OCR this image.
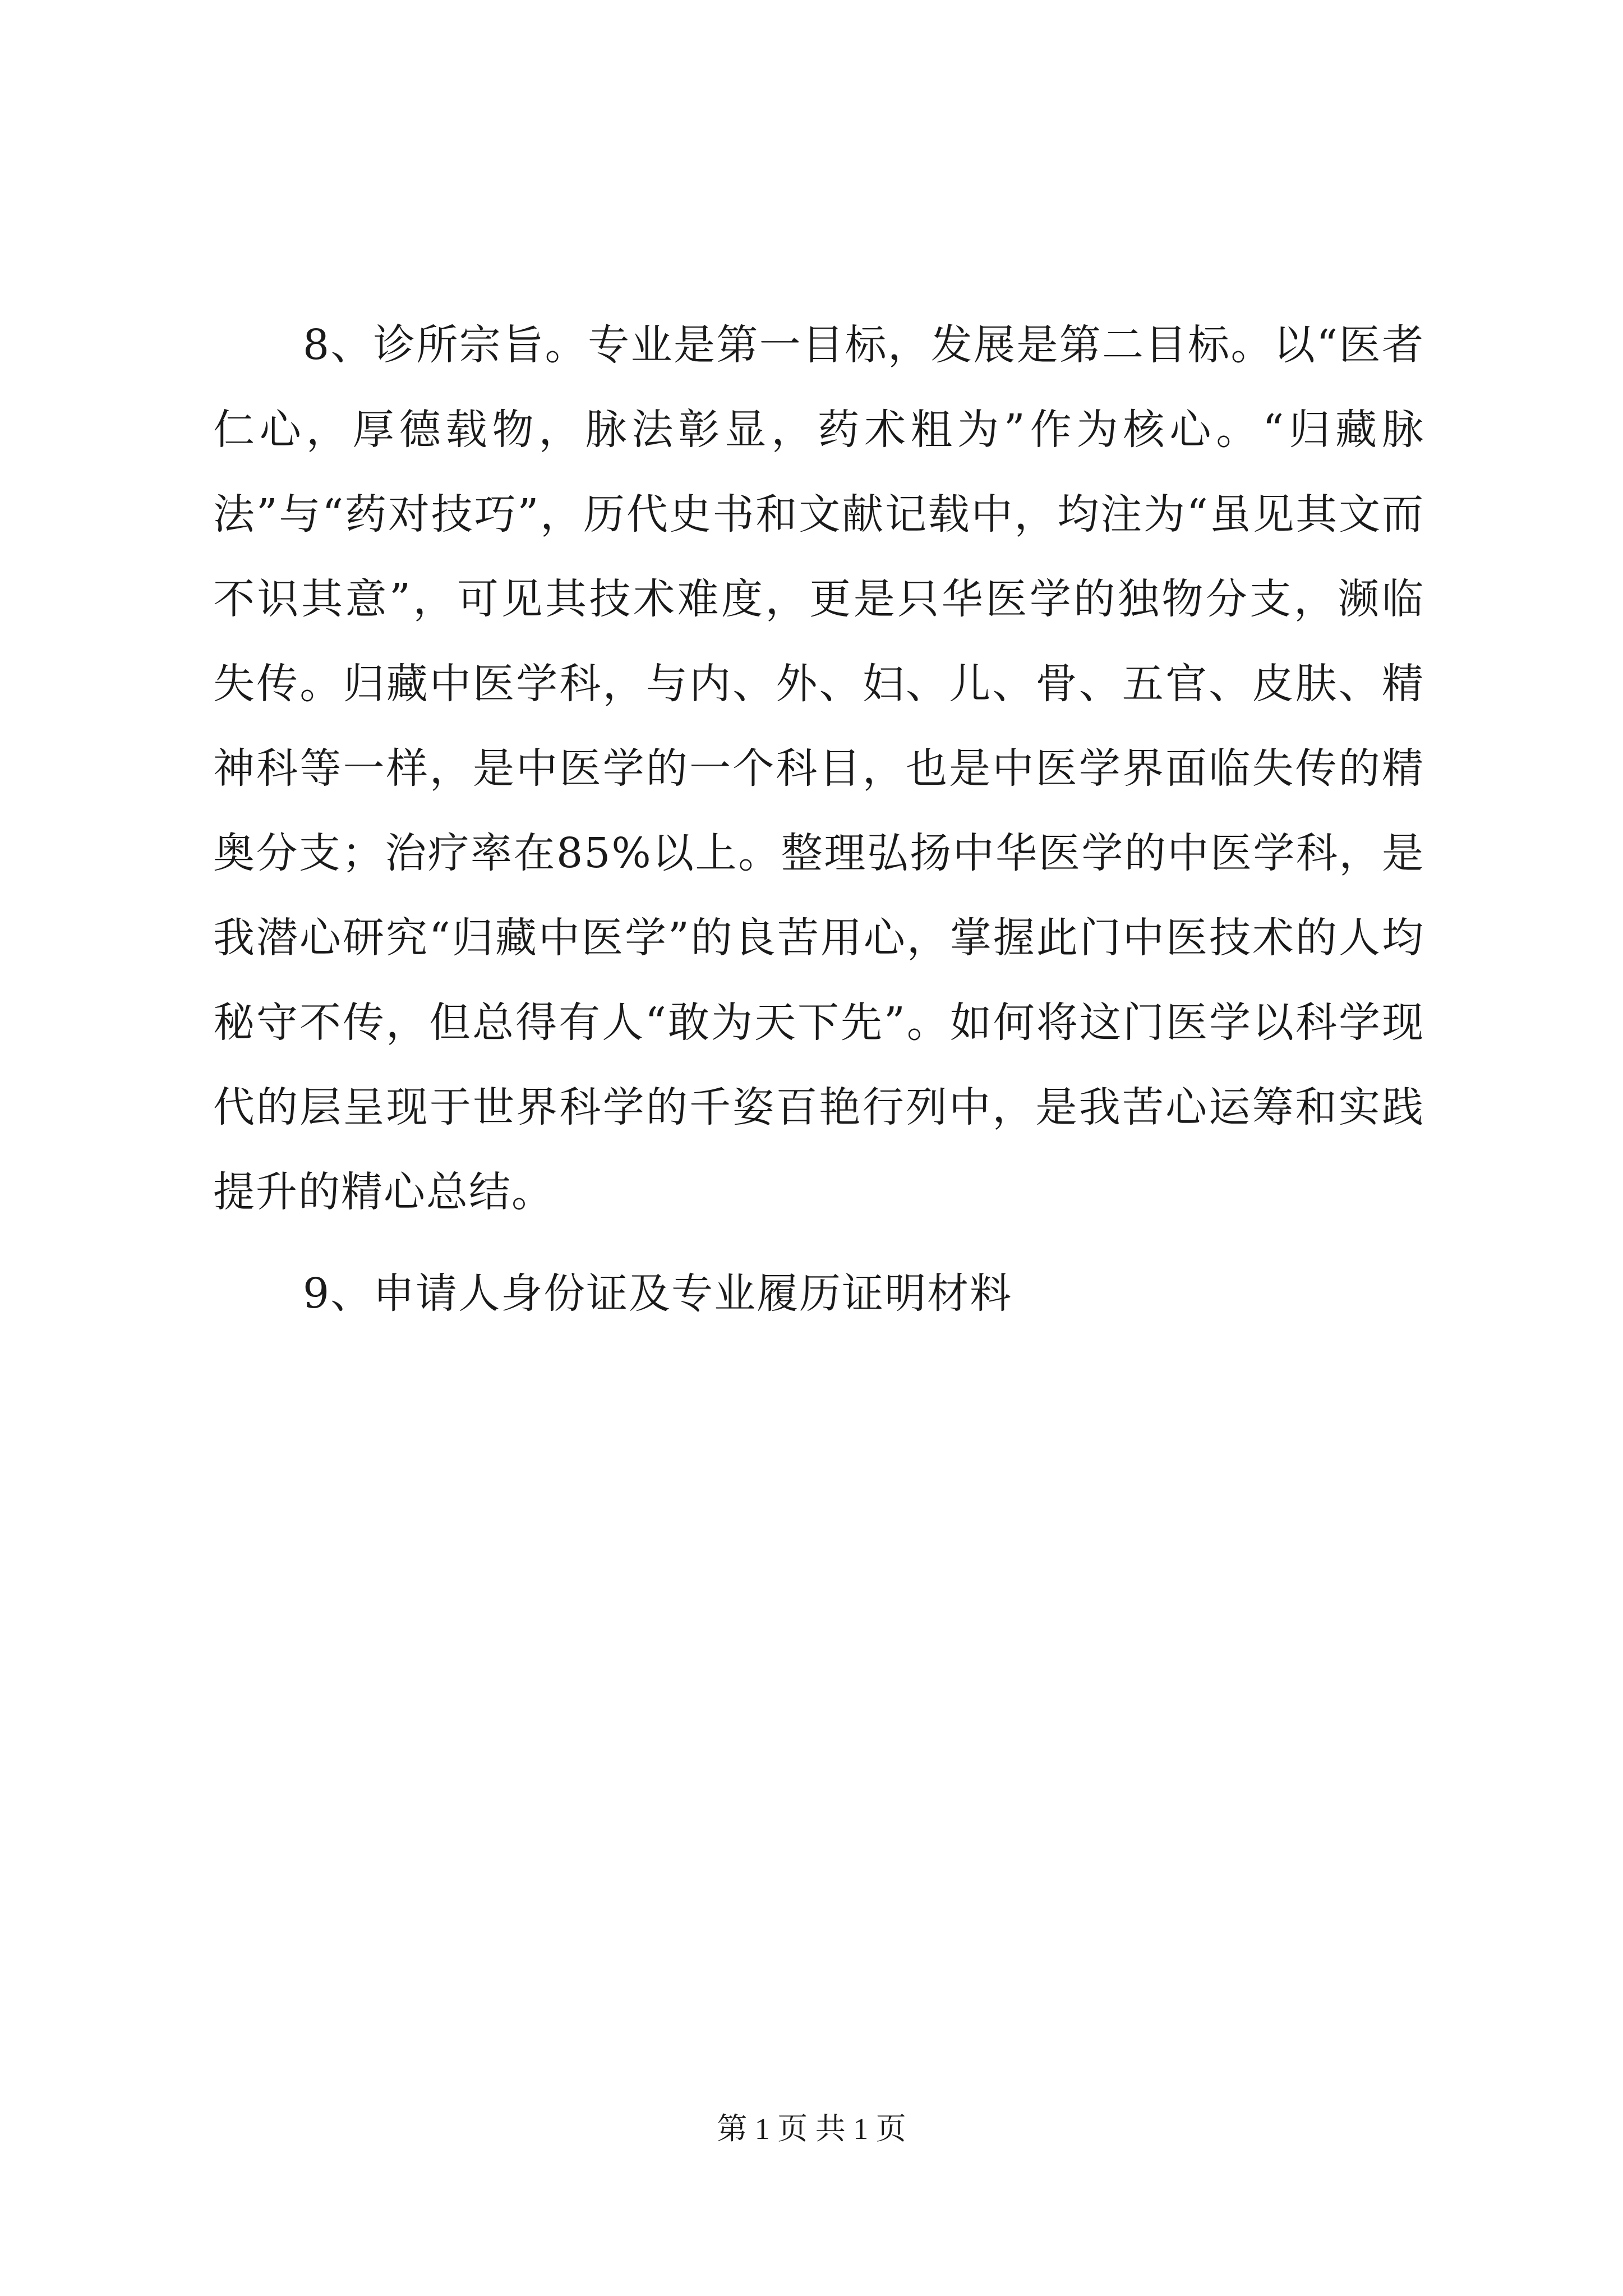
8、诊所宗旨。专业是第一目标，发展是第二目标。以“医者仁心，厚德载物，脉法彰显，药术粗为”作为核心。“归藏脉法”与“药对技巧”，历代史书和文献记载中，均注为“虽见其文而不识其意”，可见其技术难度，更是只华医学的独物分支，濒临失传。归藏中医学科，与内、外、妇、儿、骨、五官、皮肤、精神科等一样，是中医学的一个科目，也是中医学界面临失传的精奥分支；治疗率在85%以上。整理弘扬中华医学的中医学科，是我潜心研究“归藏中医学”的良苦用心，掌握此门中医技术的人均秘守不传，但总得有人“敢为天下先”。如何将这门医学以科学现代的层呈现于世界科学的千姿百艳行列中，是我苦心运筹和实践提升的精心总结。

9、申请人身份证及专业履历证明材料

第 1 页 共 1 页
